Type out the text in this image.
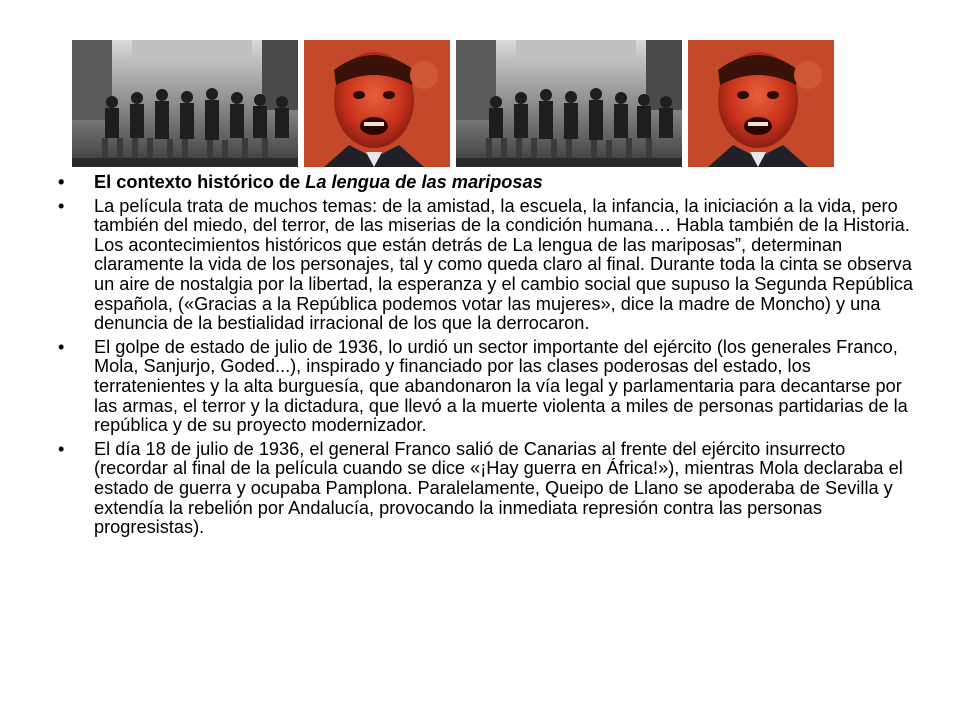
•	El contexto histórico de La lengua de las mariposas
•	La película trata de muchos temas: de la amistad, la escuela, la infancia, la iniciación a la vida, pero también del miedo, del terror, de las miserias de la condición humana… Habla también de la Historia. Los acontecimientos históricos que están detrás de La lengua de las mariposas”, determinan claramente la vida de los personajes, tal y como queda claro al final. Durante toda la cinta se observa un aire de nostalgia por la libertad, la esperanza y el cambio social que supuso la Segunda República española, («Gracias a la República podemos votar las mujeres», dice la madre de Moncho) y una denuncia de la bestialidad irracional de los que la derrocaron.
•	El golpe de estado de julio de 1936, lo urdió un sector importante del ejército (los generales Franco, Mola, Sanjurjo, Goded...), inspirado y financiado por las clases poderosas del estado, los terratenientes y la alta burguesía, que abandonaron la vía legal y parlamentaria para decantarse por las armas, el terror y la dictadura, que llevó a la muerte violenta a miles de personas partidarias de la república y de su proyecto modernizador.
•	El día 18 de julio de 1936, el general Franco salió de Canarias al frente del ejército insurrecto (recordar al final de la película cuando se dice «¡Hay guerra en África!»), mientras Mola declaraba el estado de guerra y ocupaba Pamplona. Paralelamente, Queipo de Llano se apoderaba de Sevilla y extendía la rebelión por Andalucía, provocando la inmediata represión contra las personas progresistas).
